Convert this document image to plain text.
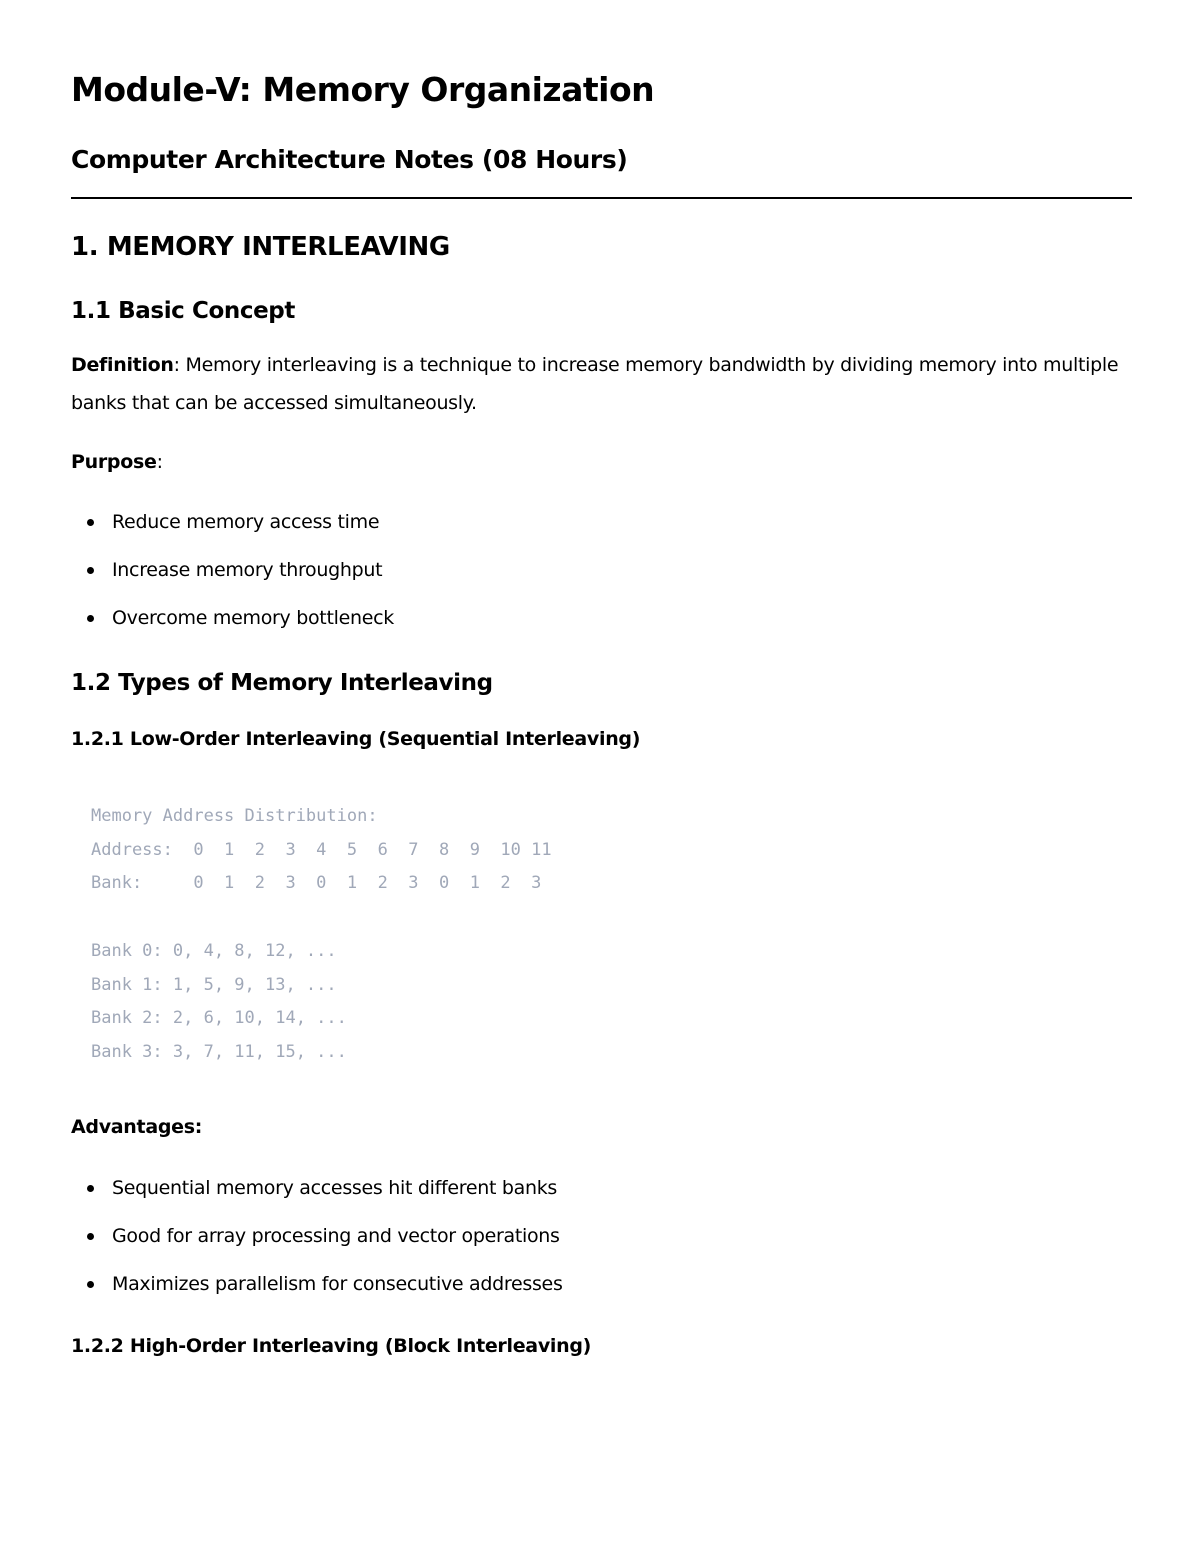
Module-V: Memory Organization
Computer Architecture Notes (08 Hours)
1. MEMORY INTERLEAVING
1.1 Basic Concept

Definition: Memory interleaving is a technique to increase memory bandwidth by dividing memory into multiple banks that can be accessed simultaneously.

Purpose:

Reduce memory access time
Increase memory throughput
Overcome memory bottleneck
1.2 Types of Memory Interleaving
1.2.1 Low-Order Interleaving (Sequential Interleaving)
Memory Address Distribution:
Address:  0  1  2  3  4  5  6  7  8  9  10 11
Bank:     0  1  2  3  0  1  2  3  0  1  2  3

Bank 0: 0, 4, 8, 12, ...
Bank 1: 1, 5, 9, 13, ...
Bank 2: 2, 6, 10, 14, ...
Bank 3: 3, 7, 11, 15, ...

Advantages:

Sequential memory accesses hit different banks
Good for array processing and vector operations
Maximizes parallelism for consecutive addresses
1.2.2 High-Order Interleaving (Block Interleaving)
